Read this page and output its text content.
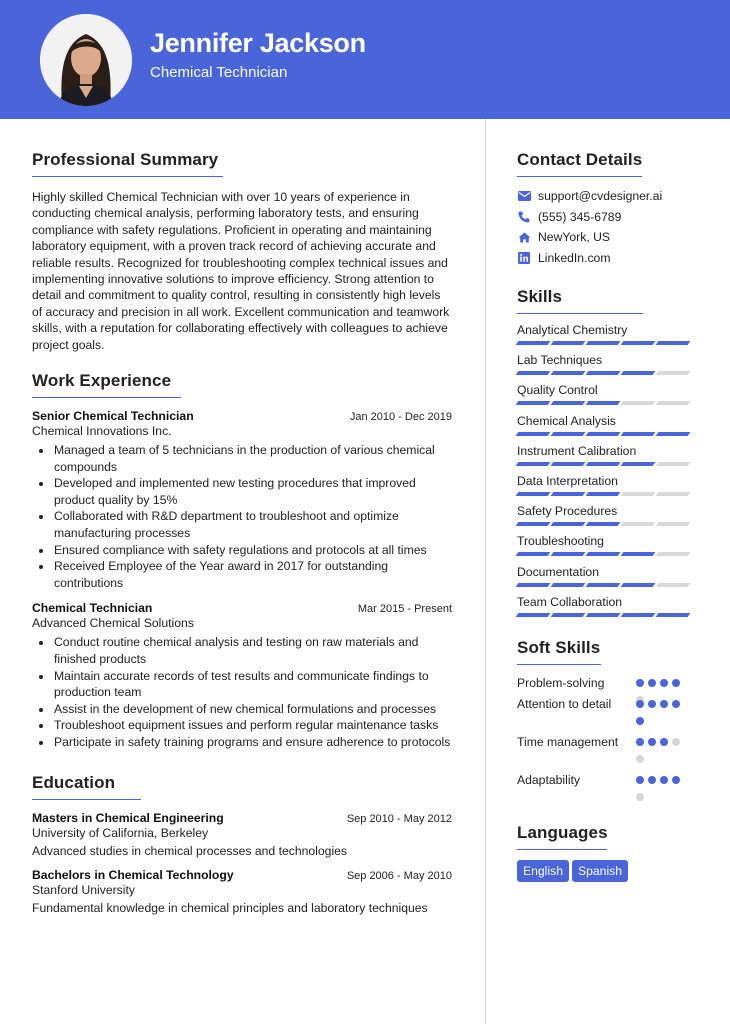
Jennifer Jackson
Chemical Technician
Professional Summary

Highly skilled Chemical Technician with over 10 years of experience in conducting chemical analysis, performing laboratory tests, and ensuring compliance with safety regulations. Proficient in operating and maintaining laboratory equipment, with a proven track record of achieving accurate and reliable results. Recognized for troubleshooting complex technical issues and implementing innovative solutions to improve efficiency. Strong attention to detail and commitment to quality control, resulting in consistently high levels of accuracy and precision in all work. Excellent communication and teamwork skills, with a reputation for collaborating effectively with colleagues to achieve project goals.

Work Experience
Senior Chemical Technician	Jan 2010 - Dec 2019
Chemical Innovations Inc.
Managed a team of 5 technicians in the production of various chemical compounds
Developed and implemented new testing procedures that improved product quality by 15%
Collaborated with R&D department to troubleshoot and optimize manufacturing processes
Ensured compliance with safety regulations and protocols at all times
Received Employee of the Year award in 2017 for outstanding contributions
Chemical Technician	Mar 2015 - Present
Advanced Chemical Solutions
Conduct routine chemical analysis and testing on raw materials and finished products
Maintain accurate records of test results and communicate findings to production team
Assist in the development of new chemical formulations and processes
Troubleshoot equipment issues and perform regular maintenance tasks
Participate in safety training programs and ensure adherence to protocols
Education
Masters in Chemical Engineering	Sep 2010 - May 2012
University of California, Berkeley
Advanced studies in chemical processes and technologies
Bachelors in Chemical Technology	Sep 2006 - May 2010
Stanford University
Fundamental knowledge in chemical principles and laboratory techniques
Contact Details
support@cvdesigner.ai
(555) 345-6789
NewYork, US
LinkedIn.com
Skills
Analytical Chemistry
Lab Techniques
Quality Control
Chemical Analysis
Instrument Calibration
Data Interpretation
Safety Procedures
Troubleshooting
Documentation
Team Collaboration
Soft Skills
Problem-solving
Attention to detail
Time management
Adaptability
Languages
English Spanish
